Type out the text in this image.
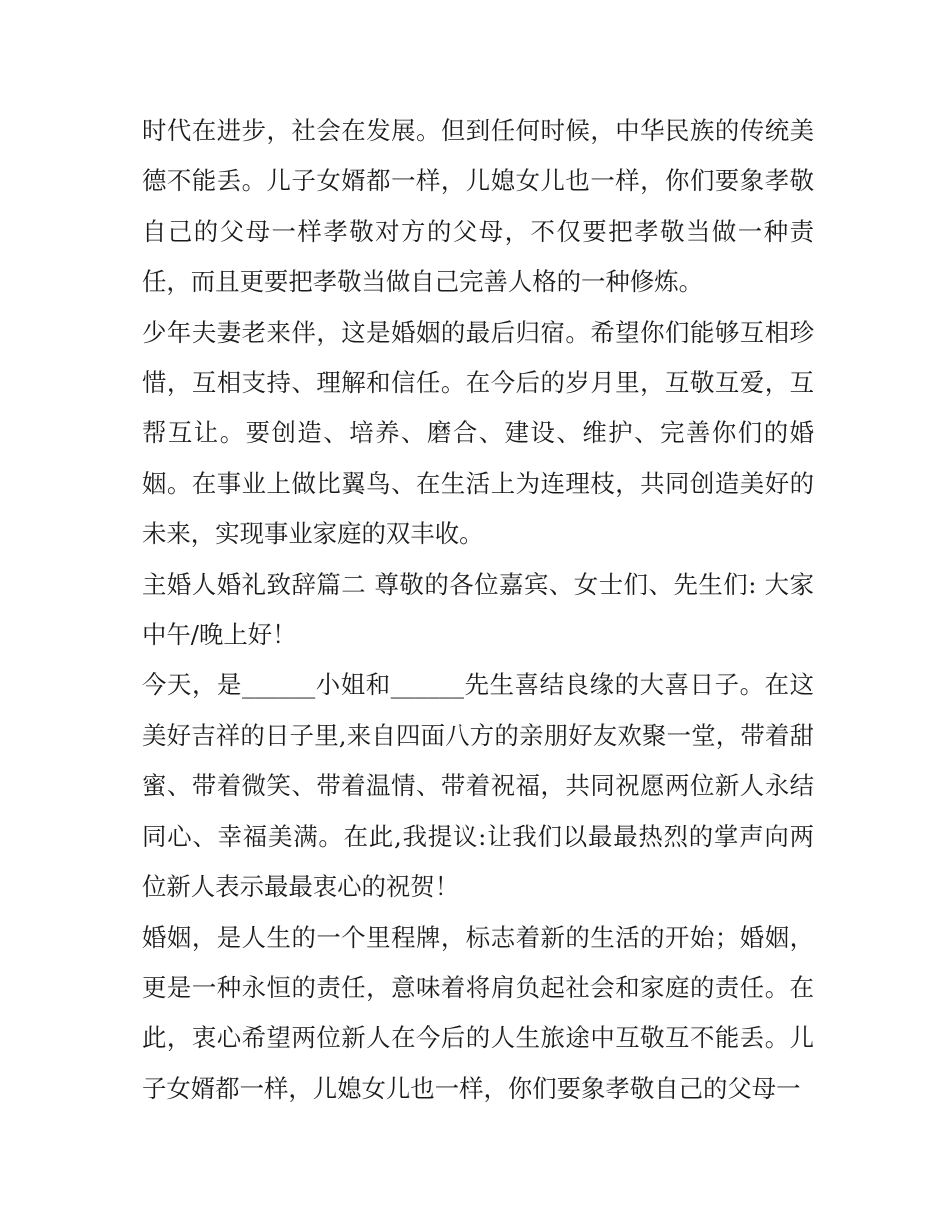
时代在进步，社会在发展。但到任何时候，中华民族的传统美德不能丢。儿子女婿都一样，儿媳女儿也一样，你们要象孝敬自己的父母一样孝敬对方的父母，不仅要把孝敬当做一种责任，而且更要把孝敬当做自己完善人格的一种修炼。

少年夫妻老来伴，这是婚姻的最后归宿。希望你们能够互相珍惜，互相支持、理解和信任。在今后的岁月里，互敬互爱，互帮互让。要创造、培养、磨合、建设、维护、完善你们的婚姻。在事业上做比翼鸟、在生活上为连理枝，共同创造美好的未来，实现事业家庭的双丰收。

主婚人婚礼致辞篇二 尊敬的各位嘉宾、女士们、先生们: 大家中午/晚上好！

今天，是______小姐和______先生喜结良缘的大喜日子。在这美好吉祥的日子里,来自四面八方的亲朋好友欢聚一堂，带着甜蜜、带着微笑、带着温情、带着祝福，共同祝愿两位新人永结同心、幸福美满。在此,我提议:让我们以最最热烈的掌声向两位新人表示最最衷心的祝贺！

婚姻，是人生的一个里程牌，标志着新的生活的开始；婚姻，更是一种永恒的责任，意味着将肩负起社会和家庭的责任。在此，衷心希望两位新人在今后的人生旅途中互敬互不能丢。儿子女婿都一样，儿媳女儿也一样，你们要象孝敬自己的父母一
